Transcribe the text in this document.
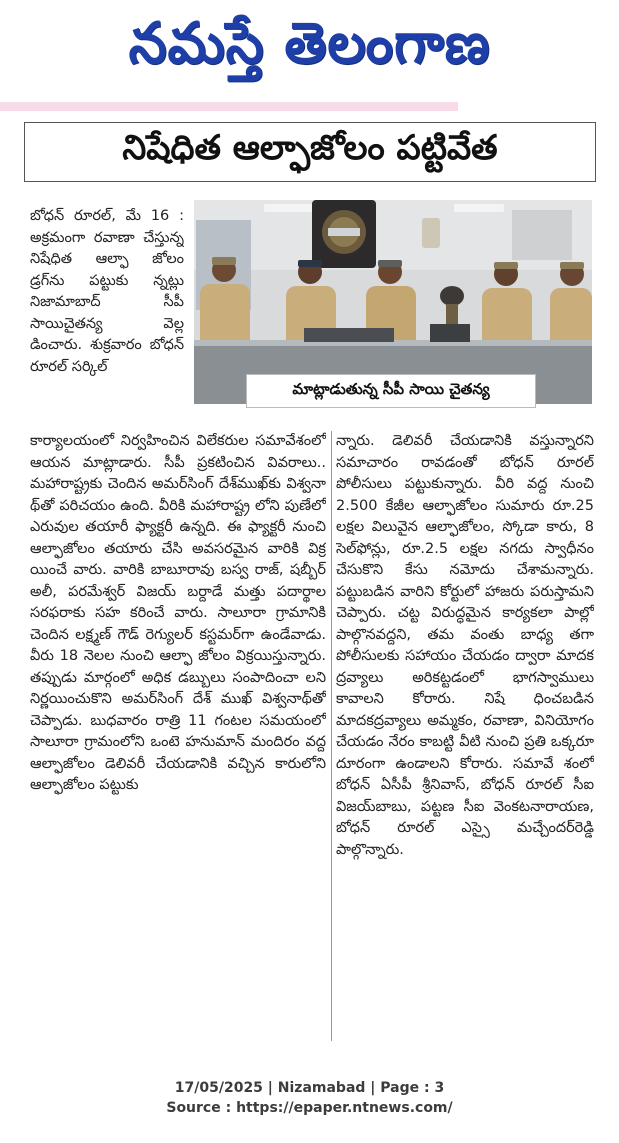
నమస్తే తెలంగాణ
నిషేధిత ఆల్ఫాజోలం పట్టివేత

బోధన్ రూరల్, మే 16 : అక్రమంగా రవాణా చేస్తున్న నిషేధిత ఆల్ఫా జోలం డ్రగ్‌ను పట్టుకు న్నట్లు నిజామాబాద్ సీపీ సాయిచైతన్య వెల్ల డించారు. శుక్రవారం బోధన్ రూరల్ సర్కిల్

మాట్లాడుతున్న సీపీ సాయి చైతన్య

కార్యాలయంలో నిర్వహించిన విలేకరుల సమావేశంలో ఆయన మాట్లాడారు. సీపీ ప్రకటించిన వివరాలు.. మహారాష్ట్రకు చెందిన అమర్‌సింగ్ దేశ్‌ముఖ్‌కు విశ్వనా థ్‌తో పరిచయం ఉంది. వీరికి మహారాష్ట్ర లోని పుణేలో ఎరువుల తయారీ ఫ్యాక్టరీ ఉన్నది. ఈ ఫ్యాక్టరీ నుంచి ఆల్ఫాజోలం తయారు చేసి అవసరమైన వారికి విక్ర యించే వారు. వారికి బాబూరావు బస్వ రాజ్, షబ్బీర్ అలీ, పరమేశ్వర్ విజయ్ బర్దాడే మత్తు పదార్థాల సరఫరాకు సహ కరించే వారు. సాలూరా గ్రామానికి చెందిన లక్ష్మణ్ గౌడ్ రెగ్యులర్ కస్టమర్‌గా ఉండేవాడు. వీరు 18 నెలల నుంచి ఆల్ఫా జోలం విక్రయిస్తున్నారు. తప్పుడు మార్గంలో అధిక డబ్బులు సంపాదించా లని నిర్ణయించుకొని అమర్‌సింగ్ దేశ్ ముఖ్ విశ్వనాథ్‌తో చెప్పాడు. బుధవారం రాత్రి 11 గంటల సమయంలో సాలూరా గ్రామంలోని ఒంటె హనుమాన్ మందిరం వద్ద ఆల్ఫాజోలం డెలివరీ చేయడానికి వచ్చిన కారులోని ఆల్ఫాజోలం పట్టుకు

న్నారు. డెలివరీ చేయడానికి వస్తున్నారని సమాచారం రావడంతో బోధన్ రూరల్ పోలీసులు పట్టుకున్నారు. వీరి వద్ద నుంచి 2.500 కేజీల ఆల్ఫాజోలం సుమారు రూ.25 లక్షల విలువైన ఆల్ఫాజోలం, స్కోడా కారు, 8 సెల్‌ఫోన్లు, రూ.2.5 లక్షల నగదు స్వాధీనం చేసుకొని కేసు నమోదు చేశామన్నారు. పట్టుబడిన వారిని కోర్టులో హాజరు పరుస్తామని చెప్పారు. చట్ట విరుద్ధమైన కార్యకలా పాల్లో పాల్గొనవద్దని, తమ వంతు బాధ్య తగా పోలీసులకు సహాయం చేయడం ద్వారా మాదక ద్రవ్యాలు అరికట్టడంలో భాగస్వాములు కావాలని కోరారు. నిషే ధించబడిన మాదకద్రవ్యాలు అమ్మకం, రవాణా, వినియోగం చేయడం నేరం కాబట్టి వీటి నుంచి ప్రతి ఒక్కరూ దూరంగా ఉండాలని కోరారు. సమావే శంలో బోధన్ ఏసీపీ శ్రీనివాస్, బోధన్ రూరల్ సీఐ విజయ్‌బాబు, పట్టణ సీఐ వెంకటనారాయణ, బోధన్ రూరల్ ఎస్సై మచ్చేందర్‌రెడ్డి పాల్గొన్నారు.

17/05/2025 | Nizamabad | Page : 3
Source : https://epaper.ntnews.com/
